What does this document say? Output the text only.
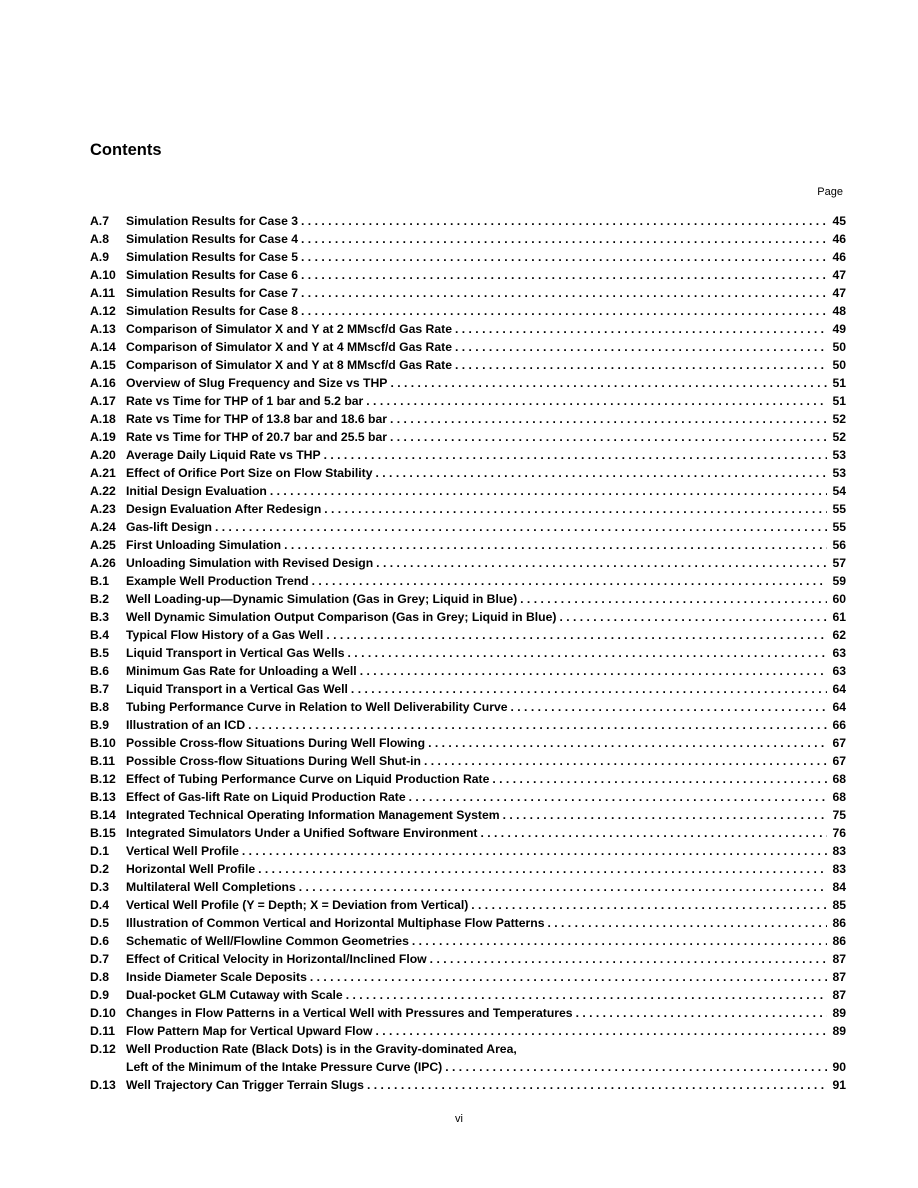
Contents
Page
A.7	Simulation Results for Case 3 . . .	45
A.8	Simulation Results for Case 4 . . .	46
A.9	Simulation Results for Case 5 . . .	46
A.10 Simulation Results for Case 6 . . .	47
A.11 Simulation Results for Case 7 . . .	47
A.12 Simulation Results for Case 8 . . .	48
A.13 Comparison of Simulator X and Y at 2 MMscf/d Gas Rate . . .	49
A.14 Comparison of Simulator X and Y at 4 MMscf/d Gas Rate . . .	50
A.15 Comparison of Simulator X and Y at 8 MMscf/d Gas Rate . . .	50
A.16 Overview of Slug Frequency and Size vs THP . . .	51
A.17 Rate vs Time for THP of 1 bar and 5.2 bar . . .	51
A.18 Rate vs Time for THP of 13.8 bar and 18.6 bar . . .	52
A.19 Rate vs Time for THP of 20.7 bar and 25.5 bar . . .	52
A.20 Average Daily Liquid Rate vs THP . . .	53
A.21 Effect of Orifice Port Size on Flow Stability . . .	53
A.22 Initial Design Evaluation . . .	54
A.23 Design Evaluation After Redesign . . .	55
A.24 Gas-lift Design . . .	55
A.25 First Unloading Simulation . . .	56
A.26 Unloading Simulation with Revised Design . . .	57
B.1	Example Well Production Trend . . .	59
B.2	Well Loading-up—Dynamic Simulation (Gas in Grey; Liquid in Blue) . . .	60
B.3	Well Dynamic Simulation Output Comparison (Gas in Grey; Liquid in Blue) . . .	61
B.4	Typical Flow History of a Gas Well . . .	62
B.5	Liquid Transport in Vertical Gas Wells . . .	63
B.6	Minimum Gas Rate for Unloading a Well . . .	63
B.7	Liquid Transport in a Vertical Gas Well . . .	64
B.8	Tubing Performance Curve in Relation to Well Deliverability Curve . . .	64
B.9	Illustration of an ICD . . .	66
B.10 Possible Cross-flow Situations During Well Flowing . . .	67
B.11 Possible Cross-flow Situations During Well Shut-in . . .	67
B.12 Effect of Tubing Performance Curve on Liquid Production Rate . . .	68
B.13 Effect of Gas-lift Rate on Liquid Production Rate . . .	68
B.14 Integrated Technical Operating Information Management System . . .	75
B.15 Integrated Simulators Under a Unified Software Environment . . .	76
D.1	Vertical Well Profile . . .	83
D.2	Horizontal Well Profile . . .	83
D.3	Multilateral Well Completions . . .	84
D.4	Vertical Well Profile (Y = Depth; X = Deviation from Vertical) . . .	85
D.5	Illustration of Common Vertical and Horizontal Multiphase Flow Patterns . . .	86
D.6	Schematic of Well/Flowline Common Geometries . . .	86
D.7	Effect of Critical Velocity in Horizontal/Inclined Flow . . .	87
D.8	Inside Diameter Scale Deposits . . .	87
D.9	Dual-pocket GLM Cutaway with Scale . . .	87
D.10 Changes in Flow Patterns in a Vertical Well with Pressures and Temperatures . . .	89
D.11 Flow Pattern Map for Vertical Upward Flow . . .	89
D.12 Well Production Rate (Black Dots) is in the Gravity-dominated Area,
Left of the Minimum of the Intake Pressure Curve (IPC) . . .	90
D.13 Well Trajectory Can Trigger Terrain Slugs . . .	91
vi
